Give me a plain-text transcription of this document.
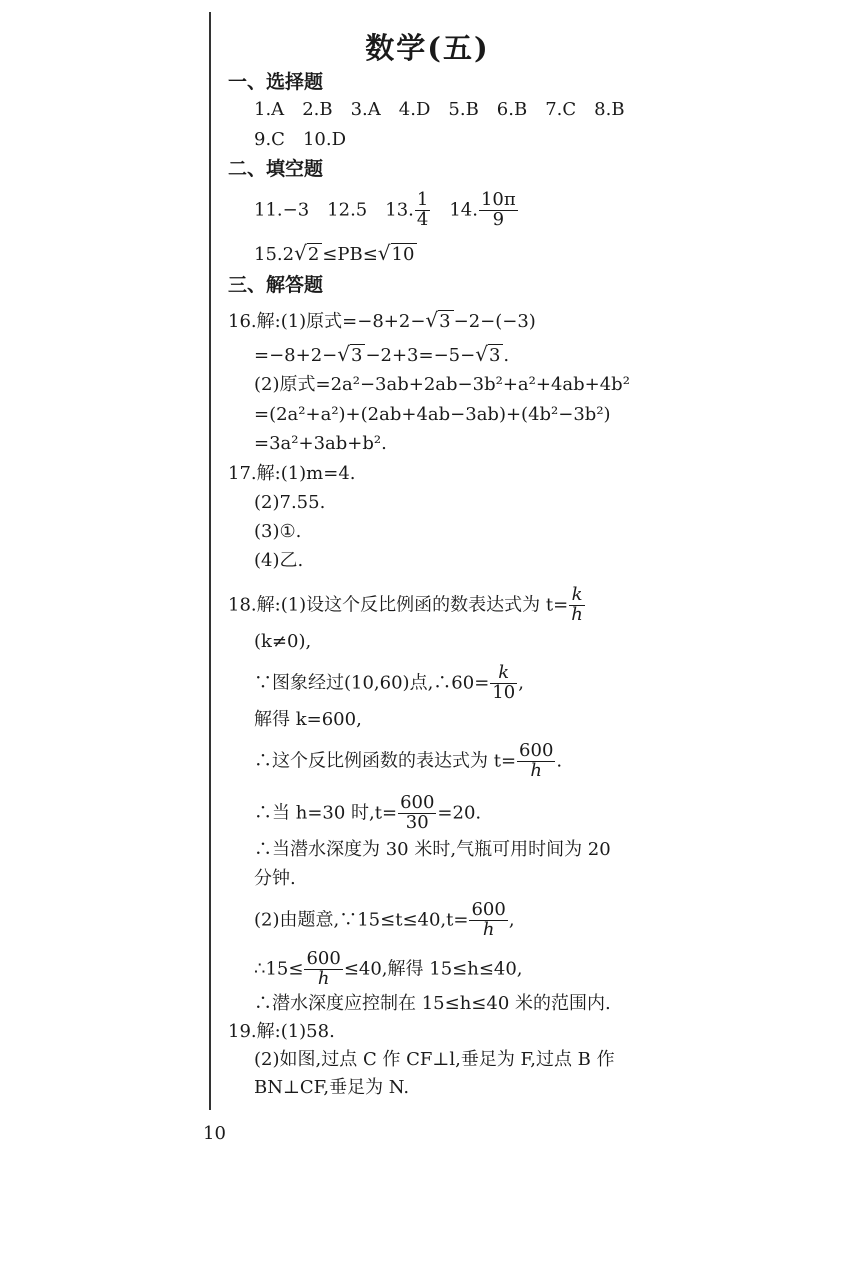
数学(五)
一、选择题
1.A 2.B 3.A 4.D 5.B 6.B 7.C 8.B
9.C 10.D
二、填空题
11.−3 12.5 13. $\frac{1}{4} 14$. $\frac{10\pi}{9}$
15.2√2 ≤PB≤√10
三、解答题
16.解:(1)原式=−8+2−√3 −2−(−3)
=−8+2−√3 −2+3=−5−√3 .
(2)原式=2a²−3ab+2ab−3b²+a²+4ab+4b²
=(2a²+a²)+(2ab+4ab−3ab)+(4b²−3b²)
=3a²+3ab+b².
17.解:(1)m=4.
(2)7.55.
(3)①.
(4)乙.
18.解:(1)设这个反比例函的数表达式为 $t= \frac{k}{h}$
(k≠0),
∵图象经过(10,60)点,∴60= $\frac{k}{10}$ ,
解得 k=600,
∴这个反比例函数的表达式为 $t= \frac{600}{h}$ .
∴当 h=30 时$,t= \frac{600}{30} =20$.
∴当潜水深度为 30 米时,气瓶可用时间为 20
分钟.
(2)由题意,∵15≤t≤40,t= $\frac{600}{h}$ ,
∴15≤ $\frac{600}{h} \le 40$,解得 15≤h≤40,
∴潜水深度应控制在 15≤h≤40 米的范围内.
19.解:(1)58.
(2)如图,过点 C 作 CF⊥l,垂足为 F,过点 B 作
BN⊥CF,垂足为 N.
10
